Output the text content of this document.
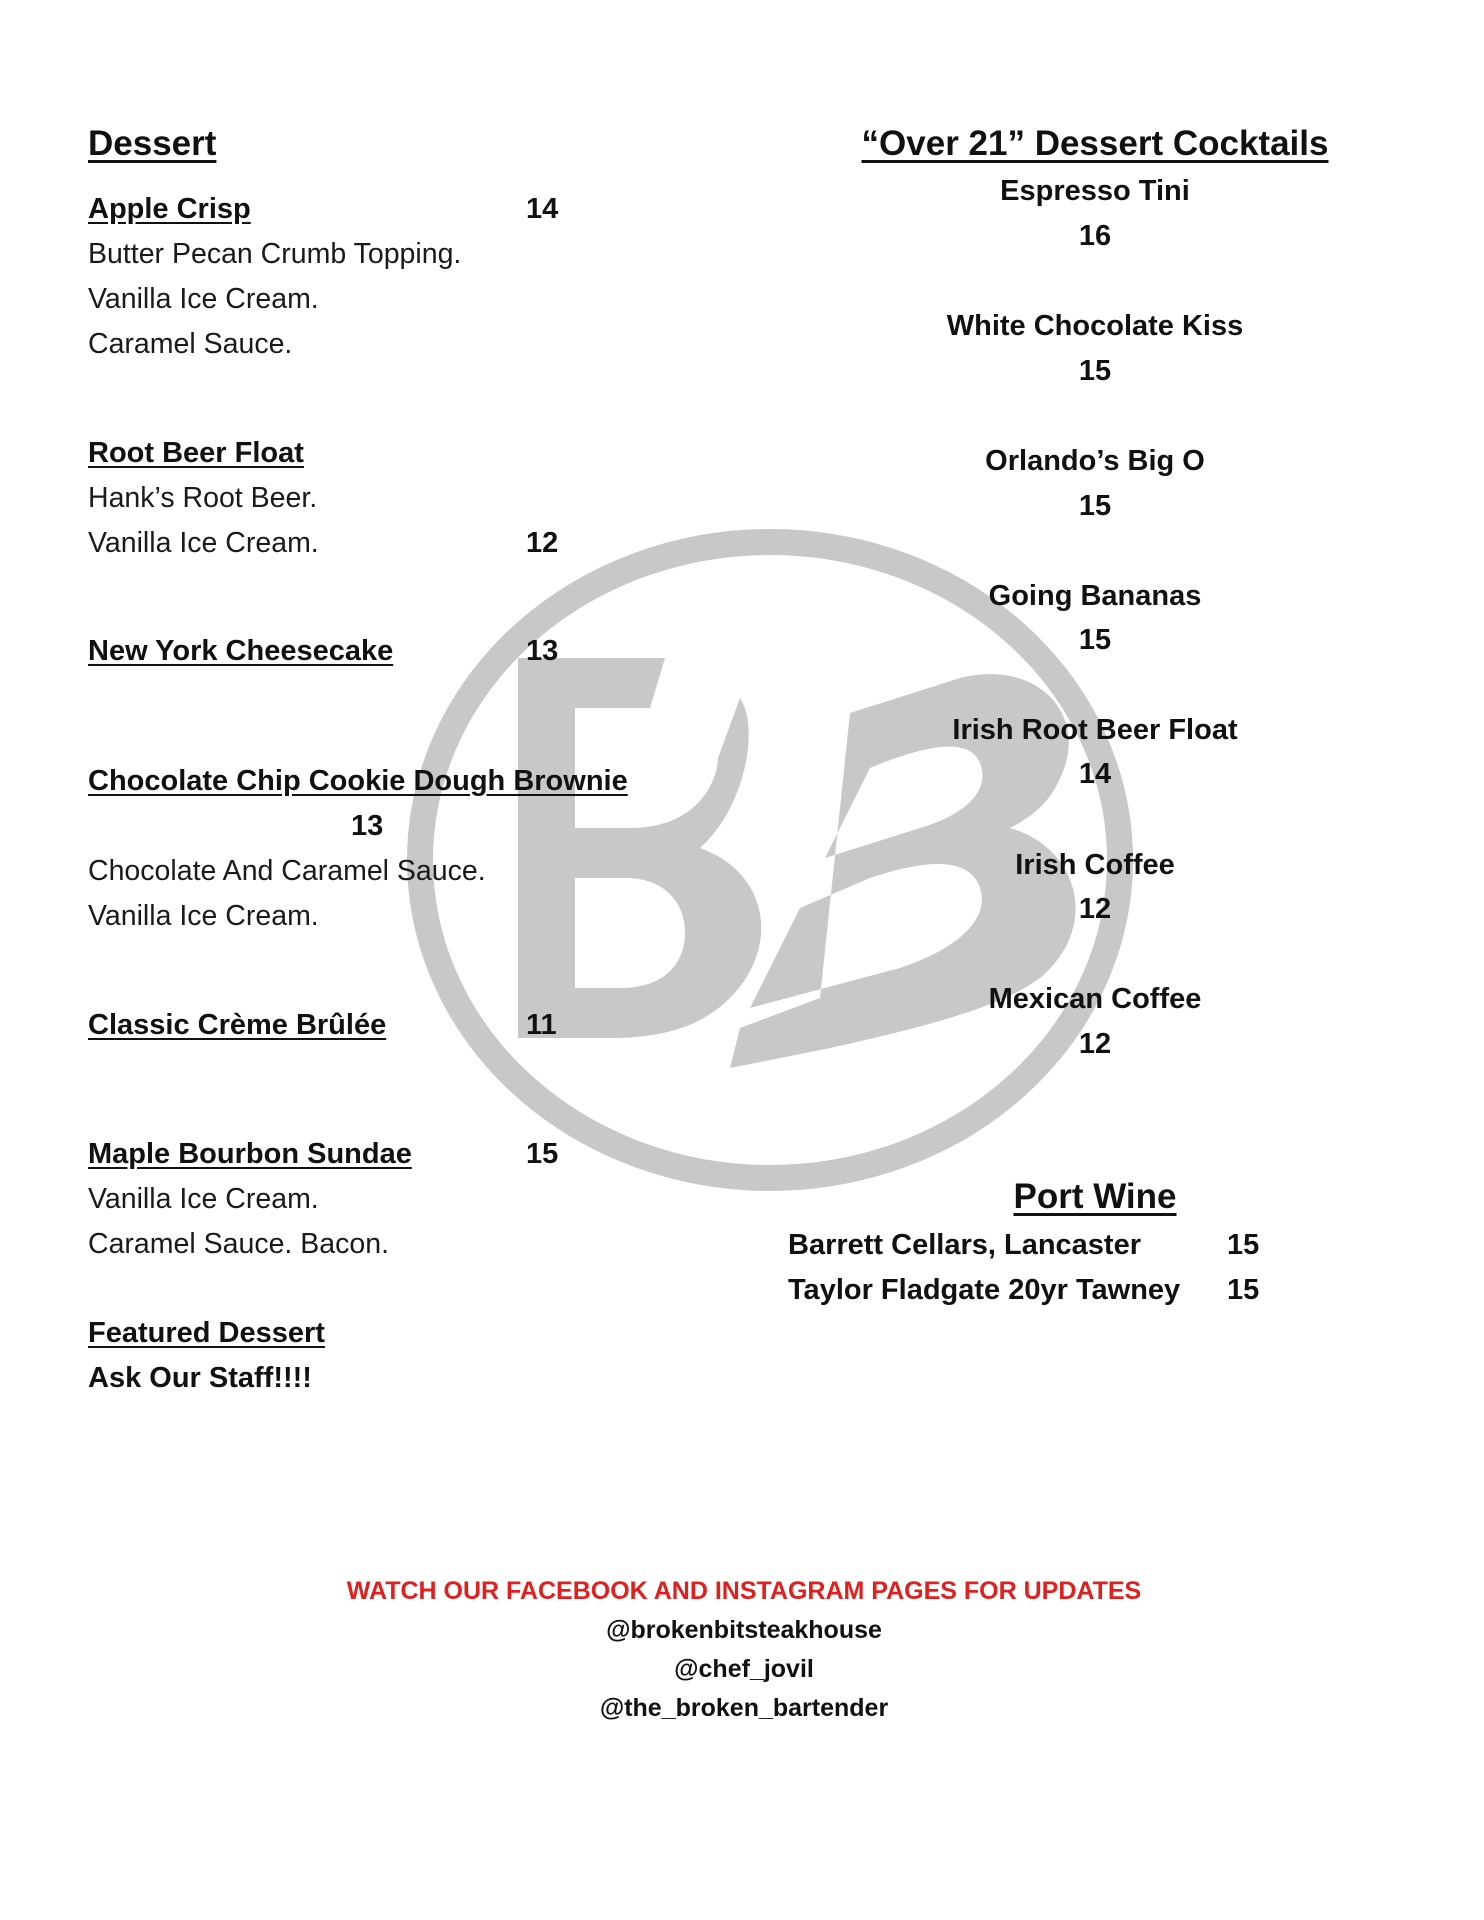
Dessert
Apple Crisp	14
Butter Pecan Crumb Topping.
Vanilla Ice Cream.
Caramel Sauce.
Root Beer Float
Hank’s Root Beer.
Vanilla Ice Cream.	12
New York Cheesecake	13
Chocolate Chip Cookie Dough Brownie
13
Chocolate And Caramel Sauce.
Vanilla Ice Cream.
Classic Crème Brûlée	11
Maple Bourbon Sundae	15
Vanilla Ice Cream.
Caramel Sauce. Bacon.
Featured Dessert
Ask Our Staff!!!!
“Over 21” Dessert Cocktails
Espresso Tini
16
White Chocolate Kiss
15
Orlando’s Big O
15
Going Bananas
15
Irish Root Beer Float
14
Irish Coffee
12
Mexican Coffee
12
Port Wine
Barrett Cellars, Lancaster	15
Taylor Fladgate 20yr Tawney 15
WATCH OUR FACEBOOK AND INSTAGRAM PAGES FOR UPDATES
@brokenbitsteakhouse
@chef_jovil
@the_broken_bartender
